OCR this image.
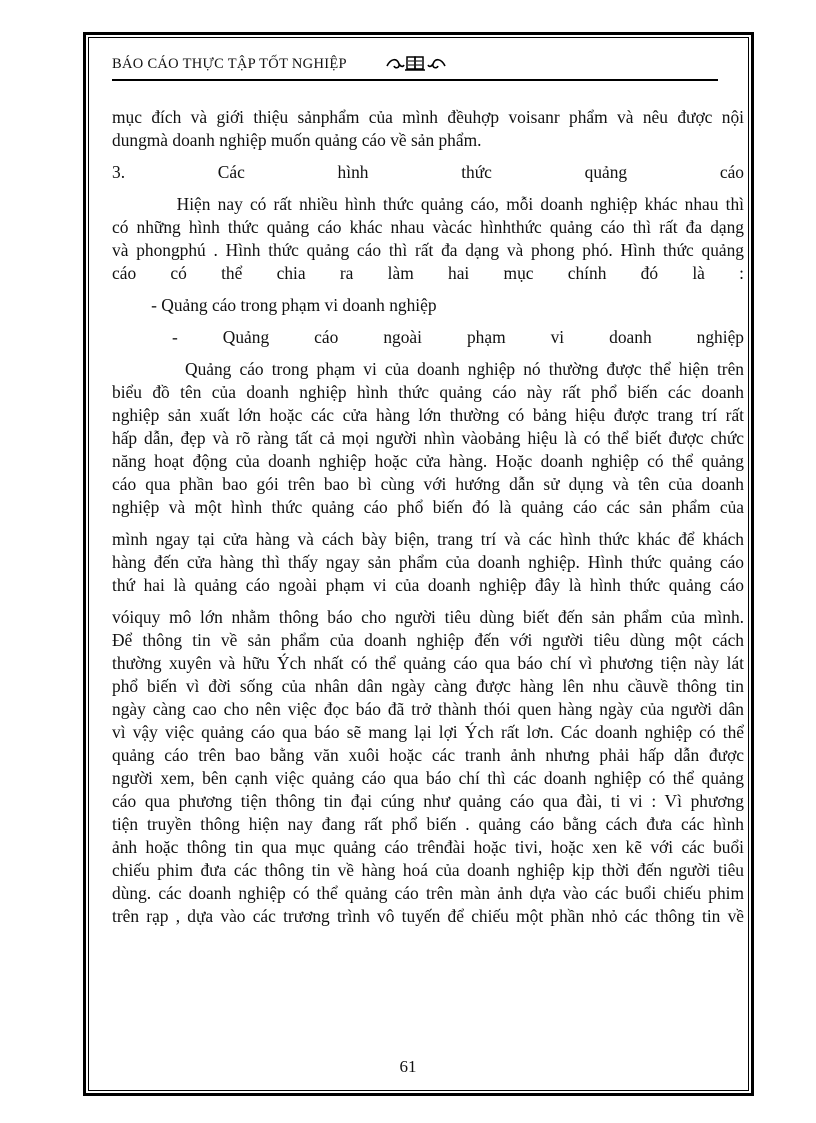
BÁO CÁO THỰC TẬP TỐT NGHIỆP
mục đích và giới thiệu sảnphẩm của mình đềuhợp voisanr phẩm và nêu được nội
dungmà doanh nghiệp muốn quảng cáo về sản phẩm.
3. Các hình thức quảng cáo
Hiện nay có rất nhiều hình thức quảng cáo, mỗi doanh nghiệp khác nhau thì
có những hình thức quảng cáo khác nhau vàcác hìnhthức quảng cáo thì rất đa dạng
và phongphú . Hình thức quảng cáo thì rất đa dạng và phong phó. Hình thức quảng
cáo có thể chia ra làm hai mục chính đó là :
- Quảng cáo trong phạm vi doanh nghiệp
- Quảng cáo ngoài phạm vi doanh nghiệp
Quảng cáo trong phạm vi của doanh nghiệp nó thường được thể hiện trên
biểu đồ tên của doanh nghiệp hình thức quảng cáo này rất phổ biến các doanh
nghiệp sản xuất lớn hoặc các cửa hàng lớn thường có bảng hiệu được trang trí rất
hấp dẫn, đẹp và rõ ràng tất cả mọi người nhìn vàobảng hiệu là có thể biết được chức
năng hoạt động của doanh nghiệp hoặc cửa hàng. Hoặc doanh nghiệp có thể quảng
cáo qua phần bao gói trên bao bì cùng với hướng dẫn sử dụng và tên của doanh
nghiệp và một hình thức quảng cáo phổ biến đó là quảng cáo các sản phẩm của
mình ngay tại cửa hàng và cách bày biện, trang trí và các hình thức khác để khách
hàng đến cửa hàng thì thấy ngay sản phẩm của doanh nghiệp. Hình thức quảng cáo
thứ hai là quảng cáo ngoài phạm vi của doanh nghiệp đây là hình thức quảng cáo
vóiquy mô lớn nhằm thông báo cho người tiêu dùng biết đến sản phẩm của mình.
Để thông tin về sản phẩm của doanh nghiệp đến với người tiêu dùng một cách
thường xuyên và hữu Ých nhất có thể quảng cáo qua báo chí vì phương tiện này lát
phổ biến vì đời sống của nhân dân ngày càng được hàng lên nhu cầuvề thông tin
ngày càng cao cho nên việc đọc báo đã trở thành thói quen hàng ngày của người dân
vì vậy việc quảng cáo qua báo sẽ mang lại lợi Ých rất lơn. Các doanh nghiệp có thể
quảng cáo trên bao bằng văn xuôi hoặc các tranh ảnh nhưng phải hấp dẫn được
người xem, bên cạnh việc quảng cáo qua báo chí thì các doanh nghiệp có thể quảng
cáo qua phương tiện thông tin đại cúng như quảng cáo qua đài, ti vi : Vì phương
tiện truyền thông hiện nay đang rất phổ biến . quảng cáo bằng cách đưa các hình
ảnh hoặc thông tin qua mục quảng cáo trênđài hoặc tivi, hoặc xen kẽ với các buổi
chiếu phim đưa các thông tin về hàng hoá của doanh nghiệp kịp thời đến người tiêu
dùng. các doanh nghiệp có thể quảng cáo trên màn ảnh dựa vào các buổi chiếu phim
trên rạp , dựa vào các trương trình vô tuyến để chiếu một phần nhỏ các thông tin về
61
